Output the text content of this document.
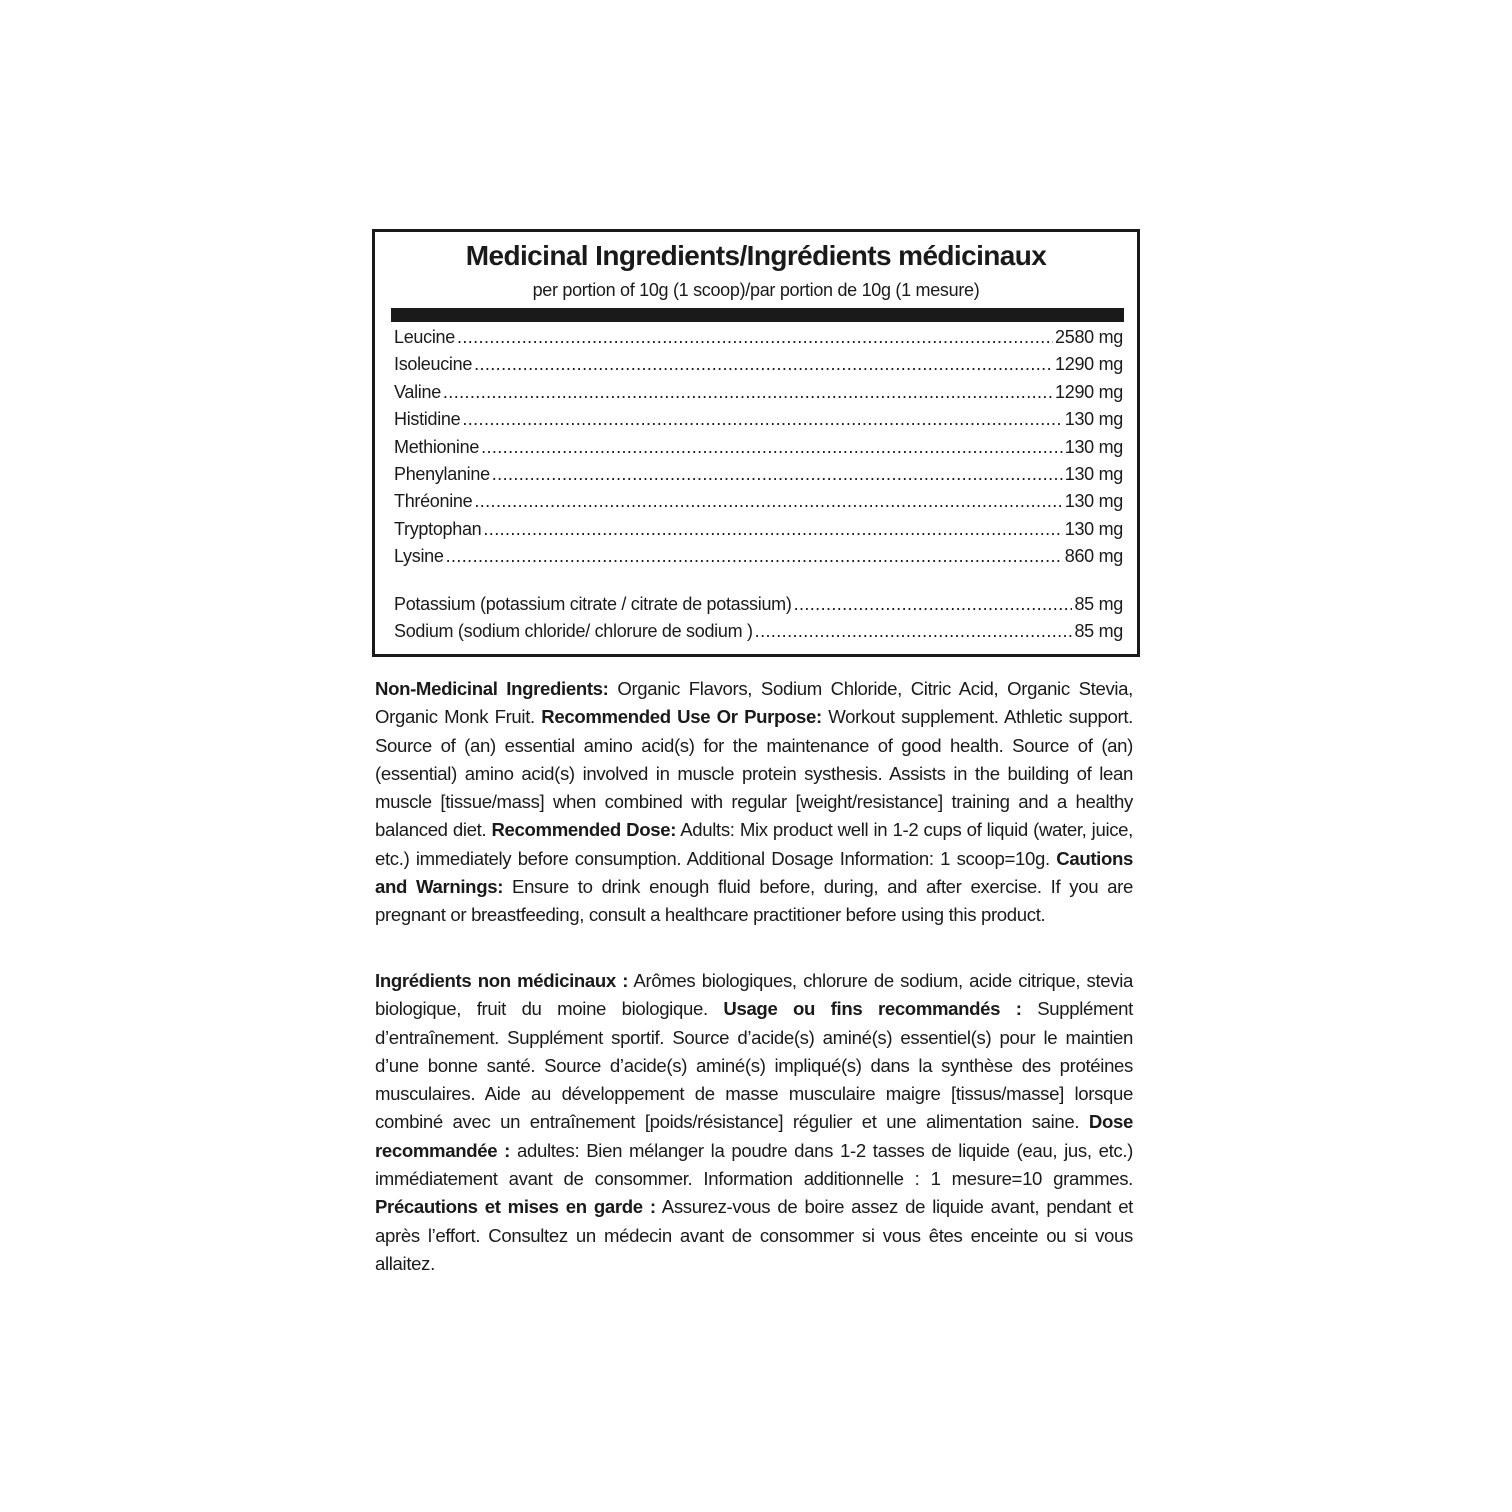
Medicinal Ingredients/Ingrédients médicinaux
per portion of 10g (1 scoop)/par portion de 10g (1 mesure)
Leucine .....	2580 mg
Isoleucine .....	1290 mg
Valine .....	1290 mg
Histidine .....	130 mg
Methionine .....	130 mg
Phenylanine .....	130 mg
Thréonine .....	130 mg
Tryptophan .....	130 mg
Lysine .....	860 mg
Potassium (potassium citrate / citrate de potassium) .....	85 mg
Sodium (sodium chloride/ chlorure de sodium ) .....	85 mg

Non-Medicinal Ingredients: Organic Flavors, Sodium Chloride, Citric Acid, Organic Stevia, Organic Monk Fruit. Recommended Use Or Purpose: Workout supplement. Athletic support. Source of (an) essential amino acid(s) for the maintenance of good health. Source of (an) (essential) amino acid(s) involved in muscle protein systhesis. Assists in the building of lean muscle [tissue/mass] when combined with regular [weight/resistance] training and a healthy balanced diet. Recommended Dose: Adults: Mix product well in 1-2 cups of liquid (water, juice, etc.) immediately before consumption. Additional Dosage Information: 1 scoop=10g. Cautions and Warnings: Ensure to drink enough fluid before, during, and after exercise. If you are pregnant or breastfeeding, consult a healthcare practitioner before using this product.

Ingrédients non médicinaux : Arômes biologiques, chlorure de sodium, acide citrique, stevia biologique, fruit du moine biologique. Usage ou fins recommandés : Supplément d’entraînement. Supplément sportif. Source d’acide(s) aminé(s) essentiel(s) pour le maintien d’une bonne santé. Source d’acide(s) aminé(s) impliqué(s) dans la synthèse des protéines musculaires. Aide au développement de masse musculaire maigre [tissus/masse] lorsque combiné avec un entraînement [poids/résistance] régulier et une alimentation saine. Dose recommandée : adultes: Bien mélanger la poudre dans 1-2 tasses de liquide (eau, jus, etc.) immédiatement avant de consommer. Information additionnelle : 1 mesure=10 grammes. Précautions et mises en garde : Assurez-vous de boire assez de liquide avant, pendant et après l’effort. Consultez un médecin avant de consommer si vous êtes enceinte ou si vous allaitez.
